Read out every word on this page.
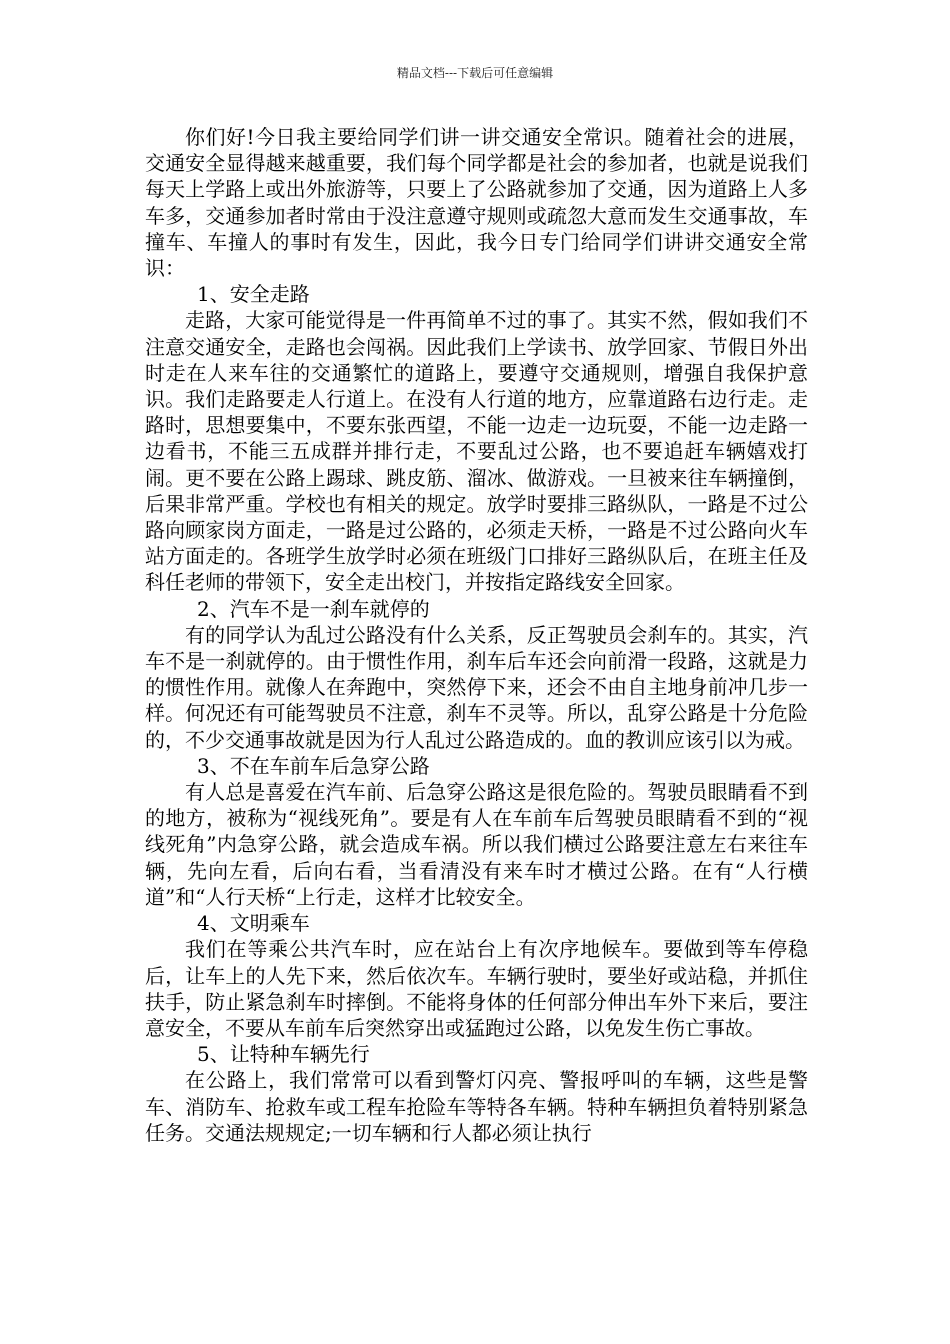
精品文档---下载后可任意编辑

你们好!今日我主要给同学们讲一讲交通安全常识。随着社会的进展，交通安全显得越来越重要，我们每个同学都是社会的参加者，也就是说我们每天上学路上或出外旅游等，只要上了公路就参加了交通，因为道路上人多车多，交通参加者时常由于没注意遵守规则或疏忽大意而发生交通事故，车撞车、车撞人的事时有发生，因此，我今日专门给同学们讲讲交通安全常识：

1、安全走路

走路，大家可能觉得是一件再简单不过的事了。其实不然，假如我们不注意交通安全，走路也会闯祸。因此我们上学读书、放学回家、节假日外出时走在人来车往的交通繁忙的道路上，要遵守交通规则，增强自我保护意识。我们走路要走人行道上。在没有人行道的地方，应靠道路右边行走。走路时，思想要集中，不要东张西望，不能一边走一边玩耍，不能一边走路一边看书，不能三五成群并排行走，不要乱过公路，也不要追赶车辆嬉戏打闹。更不要在公路上踢球、跳皮筋、溜冰、做游戏。一旦被来往车辆撞倒，后果非常严重。学校也有相关的规定。放学时要排三路纵队，一路是不过公路向顾家岗方面走，一路是过公路的，必须走天桥，一路是不过公路向火车站方面走的。各班学生放学时必须在班级门口排好三路纵队后，在班主任及科任老师的带领下，安全走出校门，并按指定路线安全回家。

2、汽车不是一刹车就停的

有的同学认为乱过公路没有什么关系，反正驾驶员会刹车的。其实，汽车不是一刹就停的。由于惯性作用，刹车后车还会向前滑一段路，这就是力的惯性作用。就像人在奔跑中，突然停下来，还会不由自主地身前冲几步一样。何况还有可能驾驶员不注意，刹车不灵等。所以，乱穿公路是十分危险的，不少交通事故就是因为行人乱过公路造成的。血的教训应该引以为戒。

3、不在车前车后急穿公路

有人总是喜爱在汽车前、后急穿公路这是很危险的。驾驶员眼睛看不到的地方，被称为“视线死角”。要是有人在车前车后驾驶员眼睛看不到的“视线死角”内急穿公路，就会造成车祸。所以我们横过公路要注意左右来往车辆，先向左看，后向右看，当看清没有来车时才横过公路。在有“人行横道”和“人行天桥“上行走，这样才比较安全。

4、文明乘车

我们在等乘公共汽车时，应在站台上有次序地候车。要做到等车停稳后，让车上的人先下来，然后依次车。车辆行驶时，要坐好或站稳，并抓住扶手，防止紧急刹车时摔倒。不能将身体的任何部分伸出车外下来后，要注意安全，不要从车前车后突然穿出或猛跑过公路，以免发生伤亡事故。

5、让特种车辆先行

在公路上，我们常常可以看到警灯闪亮、警报呼叫的车辆，这些是警车、消防车、抢救车或工程车抢险车等特各车辆。特种车辆担负着特别紧急任务。交通法规规定;一切车辆和行人都必须让执行
